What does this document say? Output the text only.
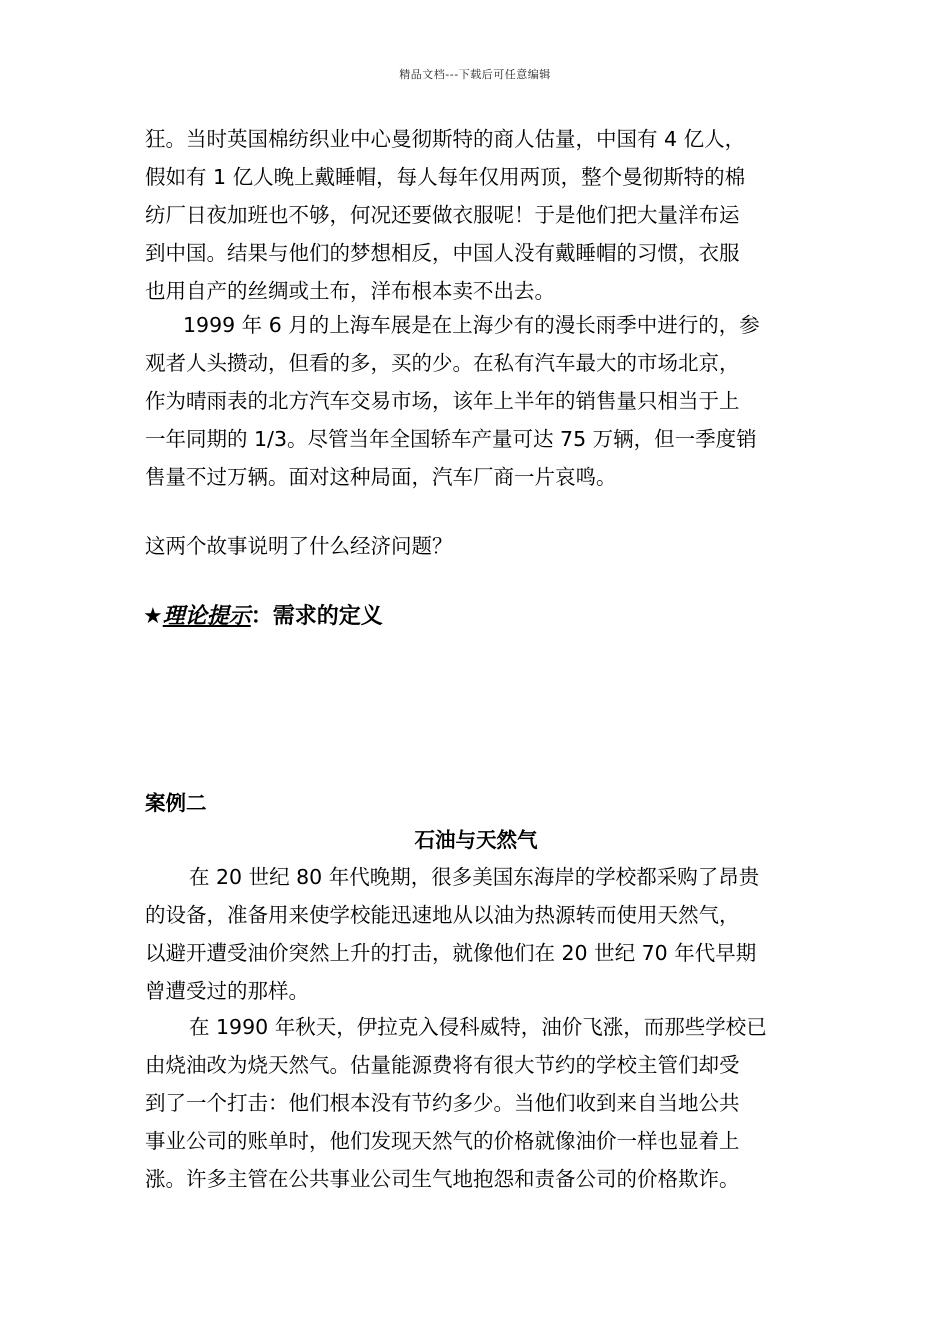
精品文档---下载后可任意编辑
狂。当时英国棉纺织业中心曼彻斯特的商人估量，中国有 4 亿人，
假如有 1 亿人晚上戴睡帽，每人每年仅用两顶，整个曼彻斯特的棉
纺厂日夜加班也不够，何况还要做衣服呢！于是他们把大量洋布运
到中国。结果与他们的梦想相反，中国人没有戴睡帽的习惯，衣服
也用自产的丝绸或土布，洋布根本卖不出去。
1999 年 6 月的上海车展是在上海少有的漫长雨季中进行的，参
观者人头攒动，但看的多，买的少。在私有汽车最大的市场北京，
作为晴雨表的北方汽车交易市场，该年上半年的销售量只相当于上
一年同期的 1/3。尽管当年全国轿车产量可达 75 万辆，但一季度销
售量不过万辆。面对这种局面，汽车厂商一片哀鸣。
这两个故事说明了什么经济问题？
★理论提示：需求的定义
案例二
石油与天然气
在 20 世纪 80 年代晚期，很多美国东海岸的学校都采购了昂贵
的设备，准备用来使学校能迅速地从以油为热源转而使用天然气，
以避开遭受油价突然上升的打击，就像他们在 20 世纪 70 年代早期
曾遭受过的那样。
在 1990 年秋天，伊拉克入侵科威特，油价飞涨，而那些学校已
由烧油改为烧天然气。估量能源费将有很大节约的学校主管们却受
到了一个打击：他们根本没有节约多少。当他们收到来自当地公共
事业公司的账单时，他们发现天然气的价格就像油价一样也显着上
涨。许多主管在公共事业公司生气地抱怨和责备公司的价格欺诈。
